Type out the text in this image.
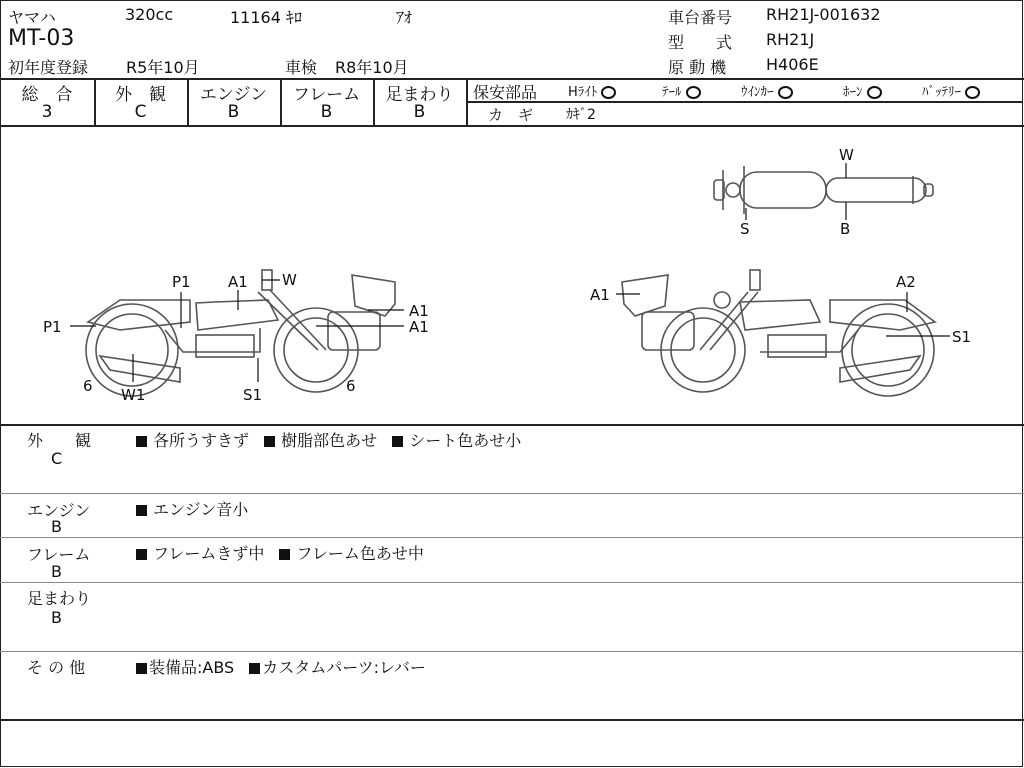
ヤマハ	320cc	11164 ｷﾛ	ｱｵ
MT-03
初年度登録 R5年10月	車検 R8年10月
車台番号 RH21J-001632
型　　式 RH21J
原 動 機 H406E
総　合
3
外　観
C
エンジン
B
フレーム
B
足まわり
B
保安部品 Hﾗｲﾄ	ﾃｰﾙ	ｳｲﾝｶｰ	ﾎｰﾝ	ﾊﾞｯﾃﾘｰ
カ　ギ ｶｷﾞ2
W
S	B
P1 A1 W
P1
A1
A1
6 W1	S1	6
A1
A2
S1
外　　観
C
各所うすきず 樹脂部色あせ シート色あせ小
エンジン
B
エンジン音小
フレーム
B
フレームきず中 フレーム色あせ中
足まわり
B
そ の 他	装備品:ABS カスタムパーツ:レバー
